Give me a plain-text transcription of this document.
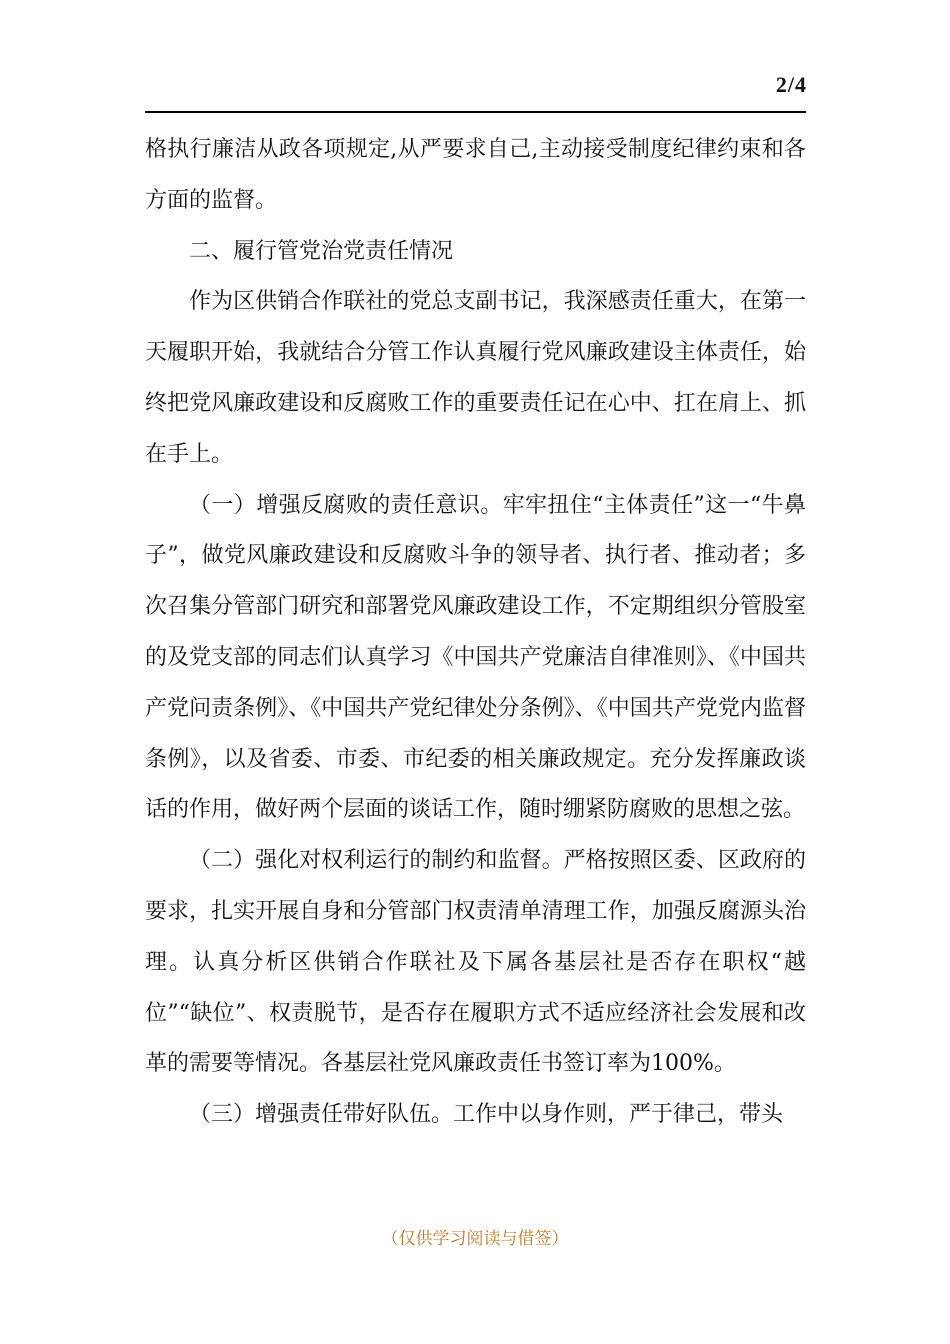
2/4

格执行廉洁从政各项规定,从严要求自己,主动接受制度纪律约束和各方面的监督。

二、履行管党治党责任情况

作为区供销合作联社的党总支副书记，我深感责任重大，在第一天履职开始，我就结合分管工作认真履行党风廉政建设主体责任，始终把党风廉政建设和反腐败工作的重要责任记在心中、扛在肩上、抓在手上。

（一）增强反腐败的责任意识。牢牢扭住“主体责任”这一“牛鼻子”，做党风廉政建设和反腐败斗争的领导者、执行者、推动者；多次召集分管部门研究和部署党风廉政建设工作，不定期组织分管股室的及党支部的同志们认真学习《中国共产党廉洁自律准则》、《中国共产党问责条例》、《中国共产党纪律处分条例》、《中国共产党党内监督条例》，以及省委、市委、市纪委的相关廉政规定。充分发挥廉政谈话的作用，做好两个层面的谈话工作，随时绷紧防腐败的思想之弦。

（二）强化对权利运行的制约和监督。严格按照区委、区政府的要求，扎实开展自身和分管部门权责清单清理工作，加强反腐源头治理。认真分析区供销合作联社及下属各基层社是否存在职权“越位”“缺位”、权责脱节，是否存在履职方式不适应经济社会发展和改革的需要等情况。各基层社党风廉政责任书签订率为100%。

（三）增强责任带好队伍。工作中以身作则，严于律己，带头

（仅供学习阅读与借签）
